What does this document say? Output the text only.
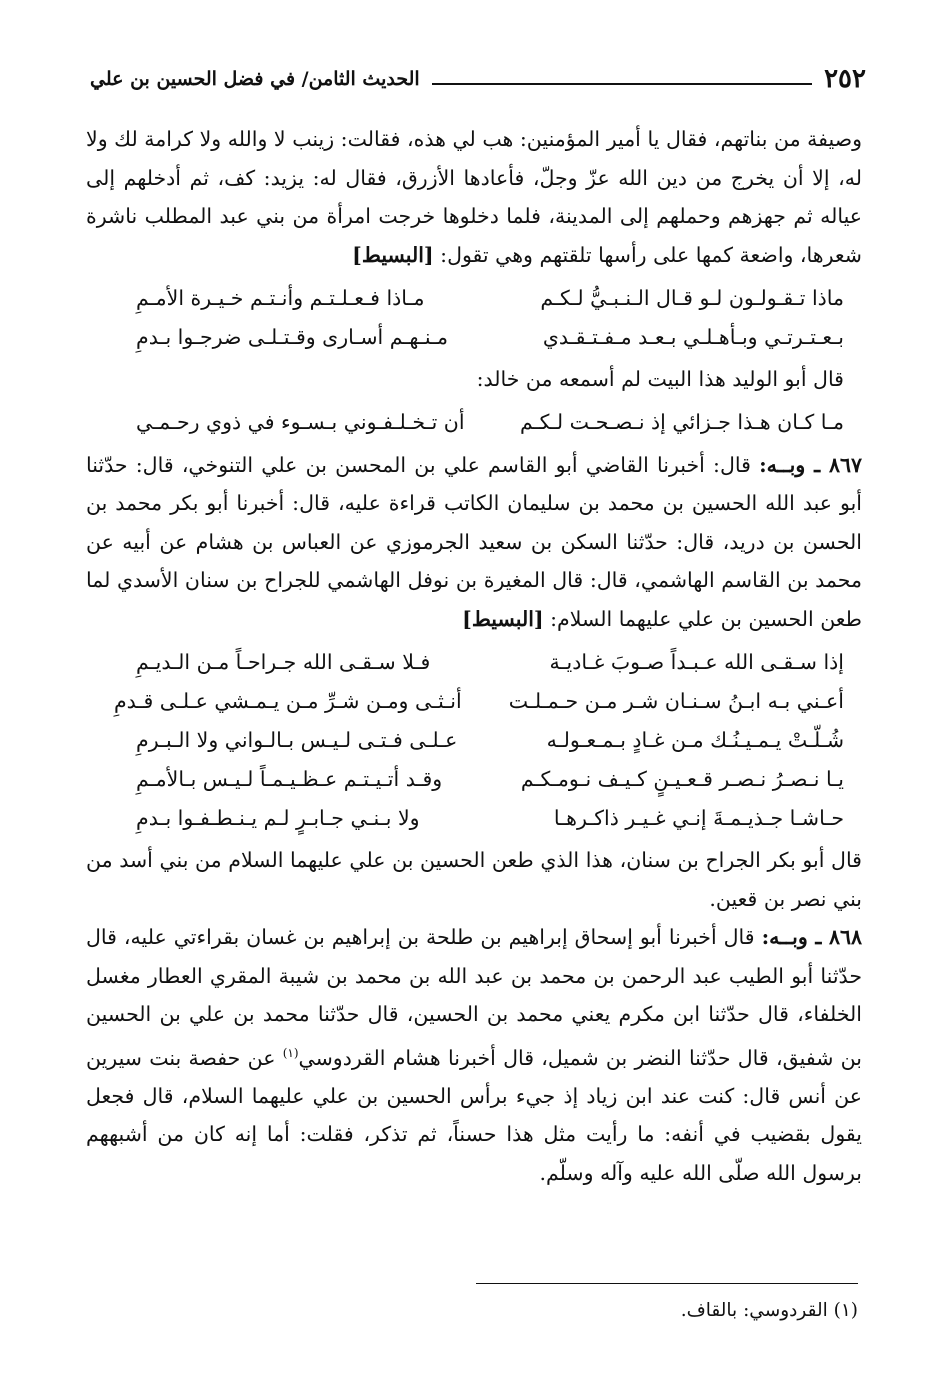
٢٥٢
الحديث الثامن/ في فضل الحسين بن علي

وصيفة من بناتهم، فقال يا أمير المؤمنين: هب لي هذه، فقالت: زينب لا والله ولا كرامة لك ولا له، إلا أن يخرج من دين الله عزّ وجلّ، فأعادها الأزرق، فقال له: يزيد: كف، ثم أدخلهم إلى عياله ثم جهزهم وحملهم إلى المدينة، فلما دخلوها خرجت امرأة من بني عبد المطلب ناشرة شعرها، واضعة كمها على رأسها تلقتهم وهي تقول: [البسيط]

ماذا تـقـولـون لـو قـال الـنـبـيُّ لـكـم
مـاذا فـعـلـتـم وأنـتـم خـيـرة الأمـمِ
بـعـتـرتـي وبـأهـلـي بـعـد مـفـتـقـدي
مـنـهـم أسـارى وقـتـلـى ضرجـوا بـدمِ

قال أبو الوليد هذا البيت لم أسمعه من خالد:

مـا كـان هـذا جـزائي إذ نـصـحـت لـكـم
أن تـخـلـفـوني بـسـوء في ذوي رحـمـي

٨٦٧ ـ وبــه: قال: أخبرنا القاضي أبو القاسم علي بن المحسن بن علي التنوخي، قال: حدّثنا أبو عبد الله الحسين بن محمد بن سليمان الكاتب قراءة عليه، قال: أخبرنا أبو بكر محمد بن الحسن بن دريد، قال: حدّثنا السكن بن سعيد الجرموزي عن العباس بن هشام عن أبيه عن محمد بن القاسم الهاشمي، قال: قال المغيرة بن نوفل الهاشمي للجراح بن سنان الأسدي لما طعن الحسين بن علي عليهما السلام: [البسيط]

إذا سـقـى الله عـبـداً صـوبَ غـاديـة
فـلا سـقـى الله جـراحـاً مـن الـديـمِ
أعـني بـه ابـنُ سـنـان شـر مـن حـمـلـت
أنـثـى ومـن شـرِّ مـن يـمـشي عـلـى قـدمِ
شُـلّـتْ يـمـيـنُـك مـن غـادٍ بـمـعـولـه
عـلـى فـتـى لـيـس بـالـواني ولا الـبـرمِ
يـا نـصـرُ نـصـر قـعـيـنٍ كـيـف نـومـكـم
وقـد أتـيـتـم عـظـيـمـاً لـيـس بـالأمـمِ
حـاشـا جـذيـمـةَ إنـي غـيـر ذاكـرهـا
ولا بـنـي جـابـرٍ لـم يـنـطـفـوا بـدمِ

قال أبو بكر الجراح بن سنان، هذا الذي طعن الحسين بن علي عليهما السلام من بني أسد من بني نصر بن قعين.

٨٦٨ ـ وبــه: قال أخبرنا أبو إسحاق إبراهيم بن طلحة بن إبراهيم بن غسان بقراءتي عليه، قال حدّثنا أبو الطيب عبد الرحمن بن محمد بن عبد الله بن محمد بن شيبة المقري العطار مغسل الخلفاء، قال حدّثنا ابن مكرم يعني محمد بن الحسين، قال حدّثنا محمد بن علي بن الحسين بن شفيق، قال حدّثنا النضر بن شميل، قال أخبرنا هشام القردوسي$^{(١)}$ عن حفصة بنت سيرين عن أنس قال: كنت عند ابن زياد إذ جيء برأس الحسين بن علي عليهما السلام، قال فجعل يقول بقضيب في أنفه: ما رأيت مثل هذا حسناً، ثم تذكر، فقلت: أما إنه كان من أشبههم برسول الله صلّى الله عليه وآله وسلّم.

(١) القردوسي: بالقاف.
